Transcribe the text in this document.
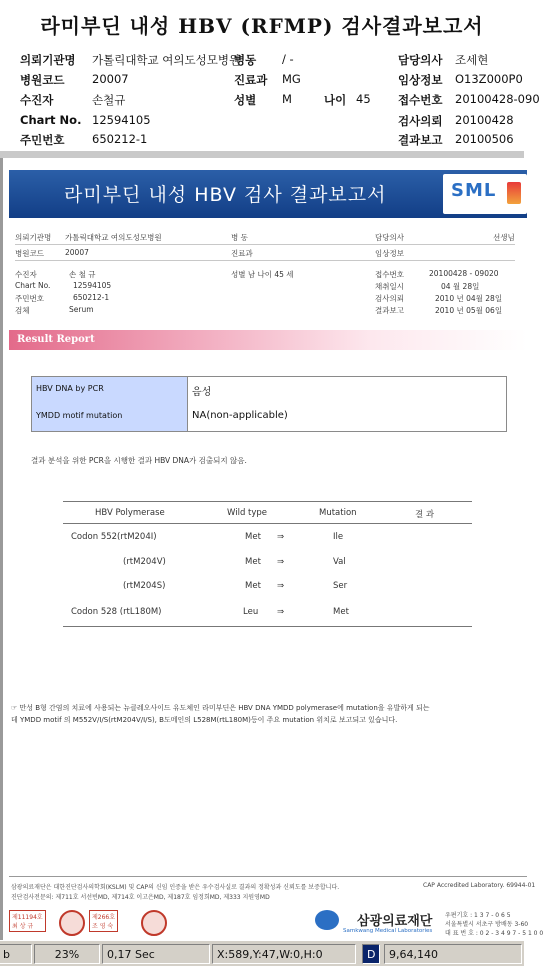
라미부딘 내성 HBV (RFMP) 검사결과보고서
의뢰기관명 가톨릭대학교 여의도성모병원
병동 / -	담당의사 조세현
병원코드 20007	진료과 MG	임상정보 O13Z000P0
수진자	손철규	성별 M	나이 45 접수번호 20100428-090
Chart No. 12594105	검사의뢰 20100428
주민번호 650212-1	결과보고 20100506
라미부딘 내성 HBV 검사 결과보고서	SML
의뢰기관명 가톨릭대학교 여의도성모병원	병 동	담당의사	선생님
병원코드	20007	진료과	임상정보
수진자	손 철 규	성별 남 나이 45 세	접수번호	20100428 - 09020
Chart No.	12594105	채취일시	04 월 28일
주민번호	650212-1	검사의뢰	2010 년 04월 28일
검체	Serum	결과보고	2010 년 05월 06일
Result Report
HBV DNA by PCR	음성
YMDD motif mutation	NA(non-applicable)
결과 분석을 위한 PCR을 시행한 결과 HBV DNA가 검출되지 않음.
HBV Polymerase	Wild type	Mutation	결 과
Codon 552(rtM204I)	Met ⇒	Ile
(rtM204V)	Met ⇒	Val
(rtM204S)	Met ⇒	Ser
Codon 528 (rtL180M)	Leu ⇒	Met
☞ 만성 B형 간염의 치료에 사용되는 뉴클레오사이드 유도체인 라미부딘은 HBV DNA YMDD polymerase에 mutation을 유발하게 되는
데 YMDD motif 의 M552V/I/S(rtM204V/I/S), B도메인의 L528M(rtL180M)등이 주요 mutation 위치로 보고되고 있습니다.
삼광의료재단은 대한진단검사의학회(KSLM) 및 CAP의 신임 인증을 받은 우수검사실로 결과의 정확성과 신뢰도를 보증합니다.
진단검사전문의: 제711호 서선빈MD, 제714호 이고은MD, 제187호 임정희MD, 제333 지원영MD
CAP Accredited Laboratory. 69944-01
제11194호
최 상 규
제266호
조 영 숙	삼광의료재단
Samkwang Medical Laboratories
우편기호 : 1 3 7 - 0 6 5
서울특별시 서초구 방배동 3-60
대 표 번 호 : 0 2 - 3 4 9 7 - 5 1 0 0
b	23%	0,17 Sec	X:589,Y:47,W:0,H:0	D	9,64,140
